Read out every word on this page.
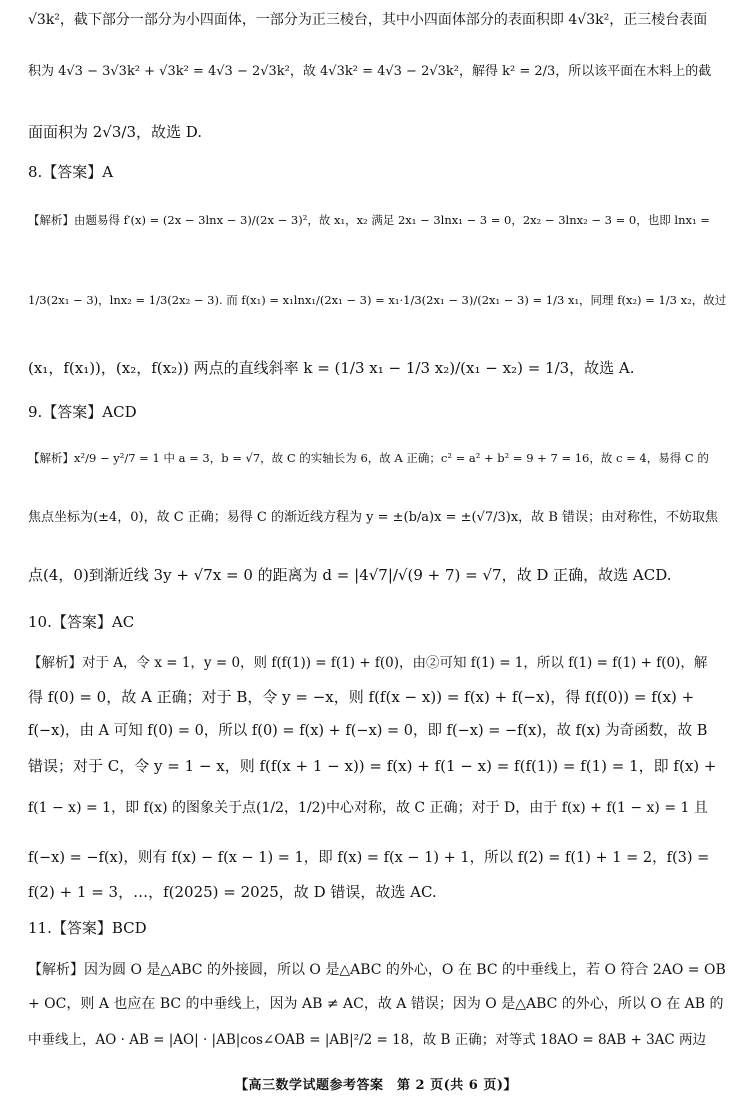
√3k²，截下部分一部分为小四面体，一部分为正三棱台，其中小四面体部分的表面积即 4√3k²，正三棱台表面
积为 4√3 − 3√3k² + √3k² = 4√3 − 2√3k²，故 4√3k² = 4√3 − 2√3k²，解得 k² = 2/3，所以该平面在木料上的截
面面积为 2√3/3，故选 D.
8.【答案】A
【解析】由题易得 f′(x) = (2x − 3lnx − 3)/(2x − 3)²，故 x₁，x₂ 满足 2x₁ − 3lnx₁ − 3 = 0，2x₂ − 3lnx₂ − 3 = 0，也即 lnx₁ =
1/3(2x₁ − 3)，lnx₂ = 1/3(2x₂ − 3). 而 f(x₁) = x₁lnx₁/(2x₁ − 3) = x₁·1/3(2x₁ − 3)/(2x₁ − 3) = 1/3 x₁，同理 f(x₂) = 1/3 x₂，故过
(x₁，f(x₁))，(x₂，f(x₂)) 两点的直线斜率 k = (1/3 x₁ − 1/3 x₂)/(x₁ − x₂) = 1/3，故选 A.
9.【答案】ACD
【解析】x²/9 − y²/7 = 1 中 a = 3，b = √7，故 C 的实轴长为 6，故 A 正确；c² = a² + b² = 9 + 7 = 16，故 c = 4，易得 C 的
焦点坐标为(±4，0)，故 C 正确；易得 C 的渐近线方程为 y = ±(b/a)x = ±(√7/3)x，故 B 错误；由对称性，不妨取焦
点(4，0)到渐近线 3y + √7x = 0 的距离为 d = |4√7|/√(9 + 7) = √7，故 D 正确，故选 ACD.
10.【答案】AC
【解析】对于 A，令 x = 1，y = 0，则 f(f(1)) = f(1) + f(0)，由②可知 f(1) = 1，所以 f(1) = f(1) + f(0)，解
得 f(0) = 0，故 A 正确；对于 B，令 y = −x，则 f(f(x − x)) = f(x) + f(−x)，得 f(f(0)) = f(x) +
f(−x)，由 A 可知 f(0) = 0，所以 f(0) = f(x) + f(−x) = 0，即 f(−x) = −f(x)，故 f(x) 为奇函数，故 B
错误；对于 C，令 y = 1 − x，则 f(f(x + 1 − x)) = f(x) + f(1 − x) = f(f(1)) = f(1) = 1，即 f(x) +
f(1 − x) = 1，即 f(x) 的图象关于点(1/2，1/2)中心对称，故 C 正确；对于 D，由于 f(x) + f(1 − x) = 1 且
f(−x) = −f(x)，则有 f(x) − f(x − 1) = 1，即 f(x) = f(x − 1) + 1，所以 f(2) = f(1) + 1 = 2，f(3) =
f(2) + 1 = 3，…，f(2025) = 2025，故 D 错误，故选 AC.
11.【答案】BCD
【解析】因为圆 O 是△ABC 的外接圆，所以 O 是△ABC 的外心，O 在 BC 的中垂线上，若 O 符合 2AO = OB
+ OC，则 A 也应在 BC 的中垂线上，因为 AB ≠ AC，故 A 错误；因为 O 是△ABC 的外心，所以 O 在 AB 的
中垂线上，AO · AB = |AO| · |AB|cos∠OAB = |AB|²/2 = 18，故 B 正确；对等式 18AO = 8AB + 3AC 两边
【高三数学试题参考答案　第 2 页(共 6 页)】
